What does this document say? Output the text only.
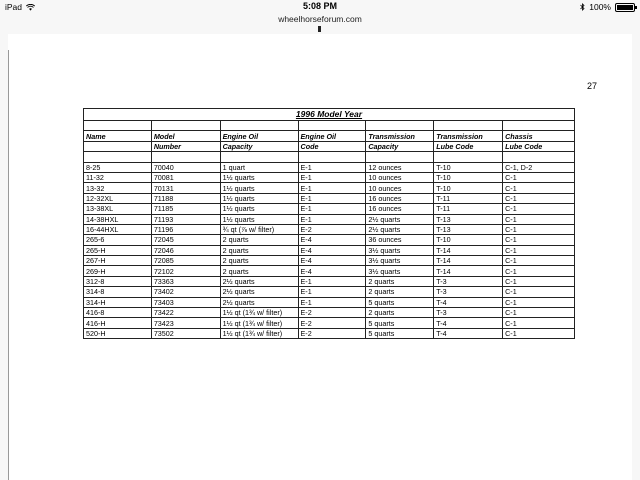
iPad	5:08 PM	100%
wheelhorseforum.com
27
1996 Model Year						

Name	Model	Engine Oil	Engine Oil	Transmission	Transmission	Chassis
	Number	Capacity	Code	Capacity	Lube Code	Lube Code

8-25	70040	1 quart	E-1	12 ounces	T-10	C-1, D-2
11-32	70081	1½ quarts	E-1	10 ounces	T-10	C-1
13-32	70131	1½ quarts	E-1	10 ounces	T-10	C-1
12-32XL	71188	1½ quarts	E-1	16 ounces	T-11	C-1
13-38XL	71185	1½ quarts	E-1	16 ounces	T-11	C-1
14-38HXL	71193	1½ quarts	E-1	2½ quarts	T-13	C-1
16-44HXL	71196	¾ qt (⅞ w/ filter)	E-2	2½ quarts	T-13	C-1
265-6	72045	2 quarts	E-4	36 ounces	T-10	C-1
265-H	72046	2 quarts	E-4	3½ quarts	T-14	C-1
267-H	72085	2 quarts	E-4	3½ quarts	T-14	C-1
269-H	72102	2 quarts	E-4	3½ quarts	T-14	C-1
312-8	73363	2½ quarts	E-1	2 quarts	T-3	C-1
314-8	73402	2½ quarts	E-1	2 quarts	T-3	C-1
314-H	73403	2½ quarts	E-1	5 quarts	T-4	C-1
416-8	73422	1½ qt (1¾ w/ filter)	E-2	2 quarts	T-3	C-1
416-H	73423	1½ qt (1¾ w/ filter)	E-2	5 quarts	T-4	C-1
520-H	73502	1½ qt (1¾ w/ filter)	E-2	5 quarts	T-4	C-1
